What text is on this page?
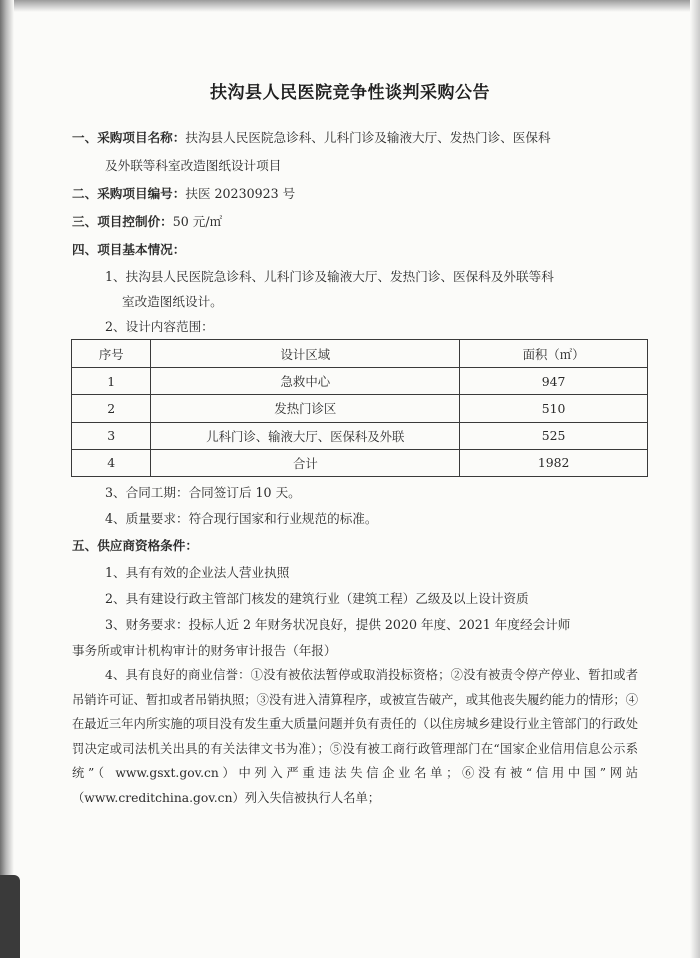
扶沟县人民医院竞争性谈判采购公告
一、采购项目名称：扶沟县人民医院急诊科、儿科门诊及输液大厅、发热门诊、医保科
及外联等科室改造图纸设计项目
二、采购项目编号：扶医 20230923 号
三、项目控制价：50 元/㎡
四、项目基本情况：
1、扶沟县人民医院急诊科、儿科门诊及输液大厅、发热门诊、医保科及外联等科
室改造图纸设计。
2、设计内容范围：
序号	设计区域	面积（㎡）
1	急救中心	947
2	发热门诊区	510
3	儿科门诊、输液大厅、医保科及外联	525
4	合计	1982
3、合同工期：合同签订后 10 天。
4、质量要求：符合现行国家和行业规范的标准。
五、供应商资格条件：
1、具有有效的企业法人营业执照
2、具有建设行政主管部门核发的建筑行业（建筑工程）乙级及以上设计资质
3、财务要求：投标人近 2 年财务状况良好，提供 2020 年度、2021 年度经会计师
事务所或审计机构审计的财务审计报告（年报）
4、具有良好的商业信誉：①没有被依法暂停或取消投标资格；②没有被责令停产停业、暂扣或者吊销许可证、暂扣或者吊销执照；③没有进入清算程序，或被宣告破产，或其他丧失履约能力的情形；④在最近三年内所实施的项目没有发生重大质量问题并负有责任的（以住房城乡建设行业主管部门的行政处罚决定或司法机关出具的有关法律文书为准）；⑤没有被工商行政管理部门在“国家企业信用信息公示系统”（ www.gsxt.gov.cn）中列入严重违法失信企业名单；⑥没有被“信用中国”网站（www.creditchina.gov.cn）列入失信被执行人名单；
